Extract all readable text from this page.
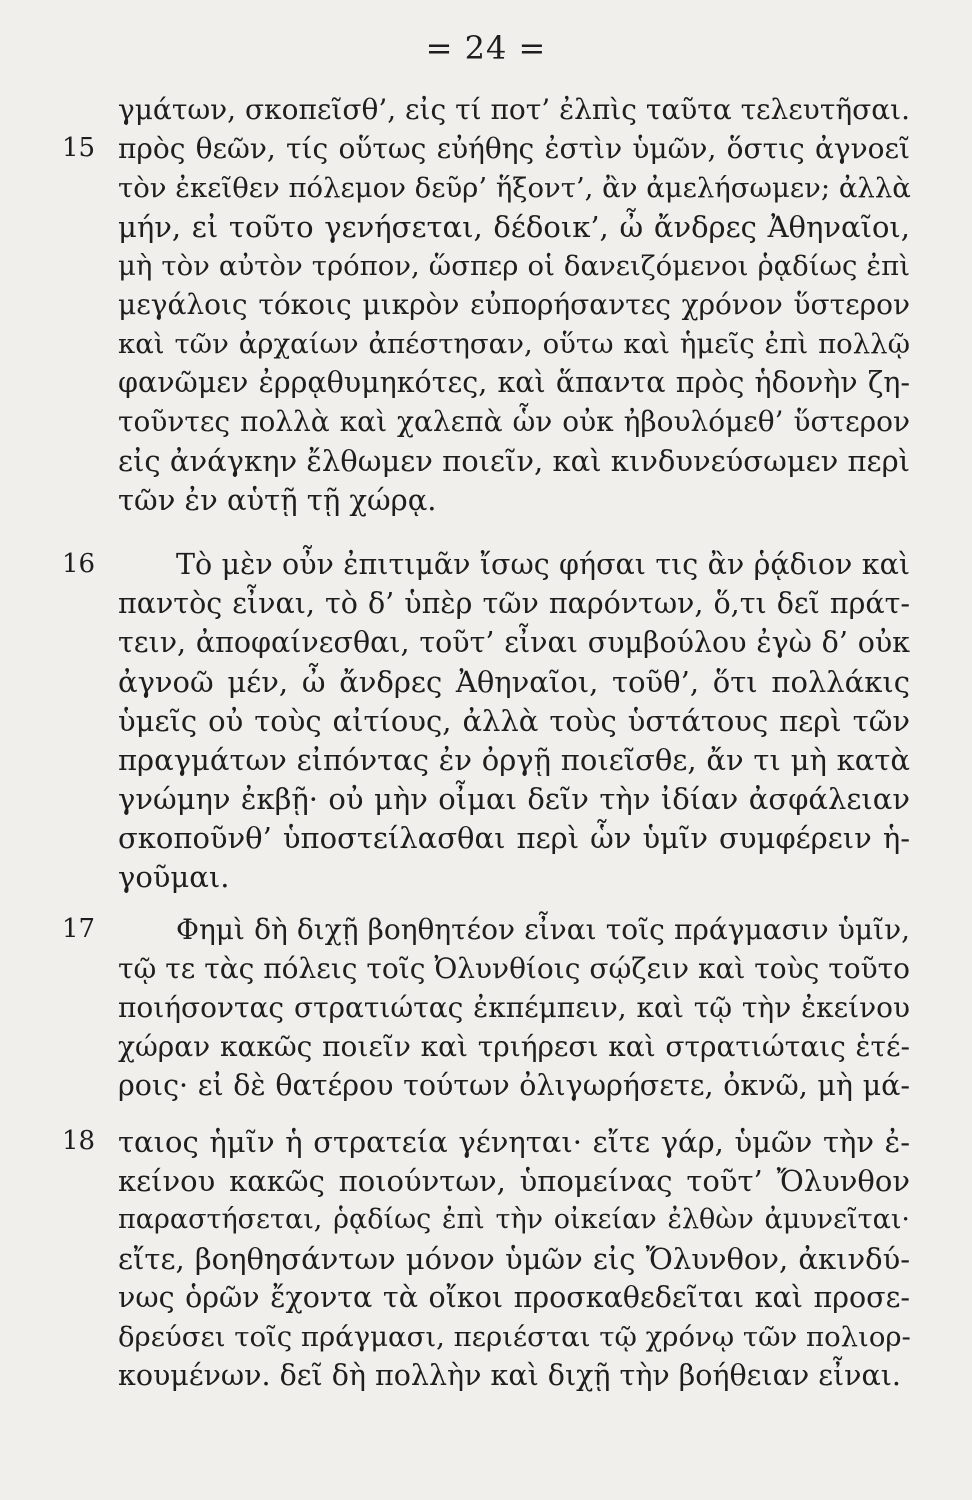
= 24 =
15
16
17
18
γμάτων, σκοπεῖσθ’, εἰς τί ποτ’ ἐλπὶς ταῦτα τελευτῆσαι.
πρὸς θεῶν, τίς οὕτως εὐήθης ἐστὶν ὑμῶν, ὅστις ἀγνοεῖ
τὸν ἐκεῖθεν πόλεμον δεῦρ’ ἥξοντ’, ἂν ἀμελήσωμεν; ἀλλὰ
μήν, εἰ τοῦτο γενήσεται, δέδοικ’, ὦ ἄνδρες Ἀθηναῖοι,
μὴ τὸν αὐτὸν τρόπον, ὥσπερ οἱ δανειζόμενοι ῥᾳδίως ἐπὶ
μεγάλοις τόκοις μικρὸν εὐπορήσαντες χρόνον ὕστερον
καὶ τῶν ἀρχαίων ἀπέστησαν, οὕτω καὶ ἡμεῖς ἐπὶ πολλῷ
φανῶμεν ἐρρᾳθυμηκότες, καὶ ἅπαντα πρὸς ἡδονὴν ζη-
τοῦντες πολλὰ καὶ χαλεπὰ ὧν οὐκ ἠβουλόμεθ’ ὕστερον
εἰς ἀνάγκην ἔλθωμεν ποιεῖν, καὶ κινδυνεύσωμεν περὶ
τῶν ἐν αὑτῇ τῇ χώρᾳ.
Τὸ μὲν οὖν ἐπιτιμᾶν ἴσως φήσαι τις ἂν ῥᾴδιον καὶ
παντὸς εἶναι, τὸ δ’ ὑπὲρ τῶν παρόντων, ὅ,τι δεῖ πράτ-
τειν, ἀποφαίνεσθαι, τοῦτ’ εἶναι συμβούλου ἐγὼ δ’ οὐκ
ἀγνοῶ μέν, ὦ ἄνδρες Ἀθηναῖοι, τοῦθ’, ὅτι πολλάκις
ὑμεῖς οὐ τοὺς αἰτίους, ἀλλὰ τοὺς ὑστάτους περὶ τῶν
πραγμάτων εἰπόντας ἐν ὀργῇ ποιεῖσθε, ἄν τι μὴ κατὰ
γνώμην ἐκβῇ· οὐ μὴν οἶμαι δεῖν τὴν ἰδίαν ἀσφάλειαν
σκοποῦνθ’ ὑποστείλασθαι περὶ ὧν ὑμῖν συμφέρειν ἡ-
γοῦμαι.
Φημὶ δὴ διχῇ βοηθητέον εἶναι τοῖς πράγμασιν ὑμῖν,
τῷ τε τὰς πόλεις τοῖς Ὀλυνθίοις σῴζειν καὶ τοὺς τοῦτο
ποιήσοντας στρατιώτας ἐκπέμπειν, καὶ τῷ τὴν ἐκείνου
χώραν κακῶς ποιεῖν καὶ τριήρεσι καὶ στρατιώταις ἑτέ-
ροις· εἰ δὲ θατέρου τούτων ὀλιγωρήσετε, ὀκνῶ, μὴ μά-
ταιος ἡμῖν ἡ στρατεία γένηται· εἴτε γάρ, ὑμῶν τὴν ἐ-
κείνου κακῶς ποιούντων, ὑπομείνας τοῦτ’ Ὄλυνθον
παραστήσεται, ῥᾳδίως ἐπὶ τὴν οἰκείαν ἐλθὼν ἀμυνεῖται·
εἴτε, βοηθησάντων μόνον ὑμῶν εἰς Ὄλυνθον, ἀκινδύ-
νως ὁρῶν ἔχοντα τὰ οἴκοι προσκαθεδεῖται καὶ προσε-
δρεύσει τοῖς πράγμασι, περιέσται τῷ χρόνῳ τῶν πολιορ-
κουμένων. δεῖ δὴ πολλὴν καὶ διχῇ τὴν βοήθειαν εἶναι.
